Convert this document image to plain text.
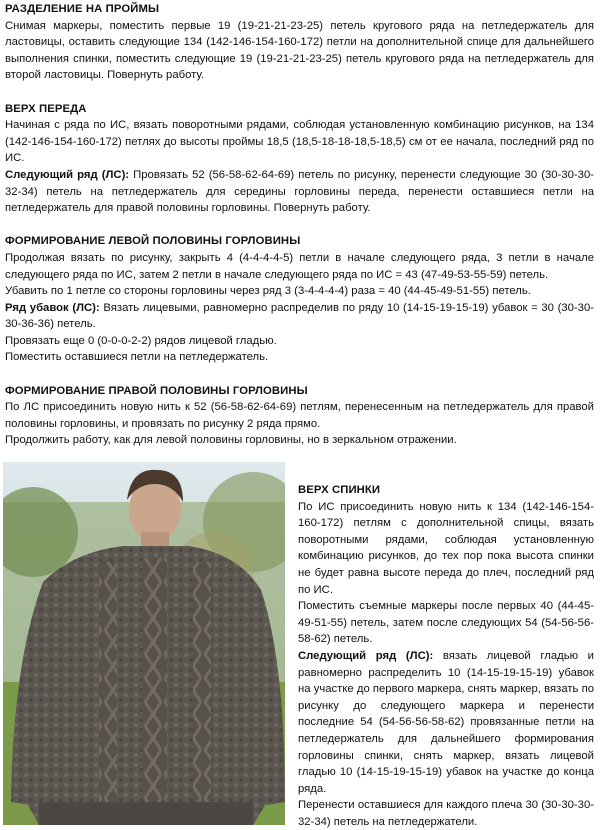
РАЗДЕЛЕНИЕ НА ПРОЙМЫ

Снимая маркеры, поместить первые 19 (19-21-21-23-25) петель кругового ряда на петледержатель для ластовицы, оставить следующие 134 (142-146-154-160-172) петли на дополнительной спице для дальнейшего выполнения спинки, поместить следующие 19 (19-21-21-23-25) петель кругового ряда на петледержатель для второй ластовицы. Повернуть работу.

ВЕРХ ПЕРЕДА

Начиная с ряда по ИС, вязать поворотными рядами, соблюдая установленную комбинацию рисунков, на 134 (142-146-154-160-172) петлях до высоты проймы 18,5 (18,5-18-18-18,5-18,5) см от ее начала, последний ряд по ИС.

Следующий ряд (ЛС): Провязать 52 (56-58-62-64-69) петель по рисунку, перенести следующие 30 (30-30-30-32-34) петель на петледержатель для середины горловины переда, перенести оставшиеся петли на петледержатель для правой половины горловины. Повернуть работу.

ФОРМИРОВАНИЕ ЛЕВОЙ ПОЛОВИНЫ ГОРЛОВИНЫ

Продолжая вязать по рисунку, закрыть 4 (4-4-4-4-5) петли в начале следующего ряда, 3 петли в начале следующего ряда по ИС, затем 2 петли в начале следующего ряда по ИС = 43 (47-49-53-55-59) петель.

Убавить по 1 петле со стороны горловины через ряд 3 (3-4-4-4-4) раза = 40 (44-45-49-51-55) петель.

Ряд убавок (ЛС): Вязать лицевыми, равномерно распределив по ряду 10 (14-15-19-15-19) убавок = 30 (30-30-30-36-36) петель.

Провязать еще 0 (0-0-0-2-2) рядов лицевой гладью.

Поместить оставшиеся петли на петледержатель.

ФОРМИРОВАНИЕ ПРАВОЙ ПОЛОВИНЫ ГОРЛОВИНЫ

По ЛС присоединить новую нить к 52 (56-58-62-64-69) петлям, перенесенным на петледержатель для правой половины горловины, и провязать по рисунку 2 ряда прямо.

Продолжить работу, как для левой половины горловины, но в зеркальном отражении.

ВЕРХ СПИНКИ

По ИС присоединить новую нить к 134 (142-146-154-160-172) петлям с дополнительной спицы, вязать поворотными рядами, соблюдая установленную комбинацию рисунков, до тех пор пока высота спинки не будет равна высоте переда до плеч, последний ряд по ИС.

Поместить съемные маркеры после первых 40 (44-45-49-51-55) петель, затем после следующих 54 (54-56-56-58-62) петель.

Следующий ряд (ЛС): вязать лицевой гладью и равномерно распределить 10 (14-15-19-15-19) убавок на участке до первого маркера, снять маркер, вязать по рисунку до следующего маркера и перенести последние 54 (54-56-56-58-62) провязанные петли на петледержатель для дальнейшего формирования горловины спинки, снять маркер, вязать лицевой гладью 10 (14-15-19-15-19) убавок на участке до конца ряда.

Перенести оставшиеся для каждого плеча 30 (30-30-30-32-34) петель на петледержатели.
